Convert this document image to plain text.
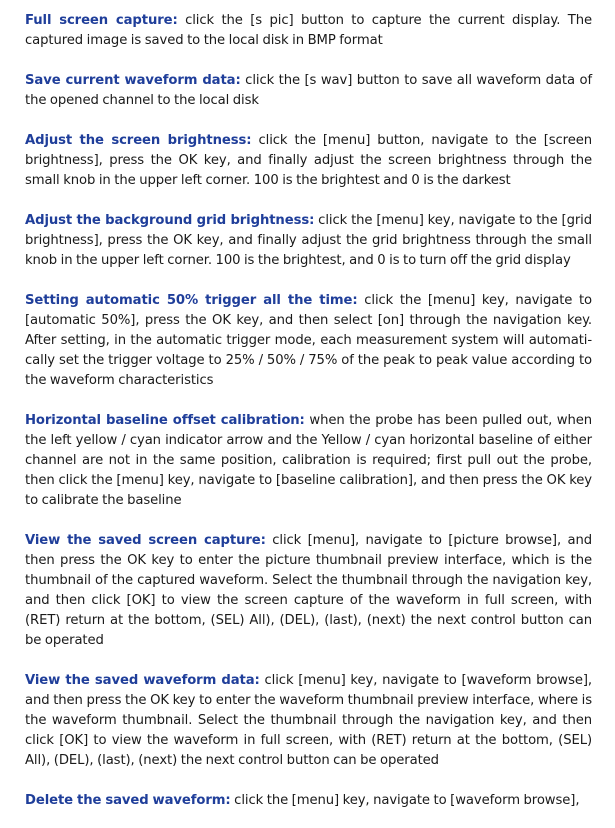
Full screen capture: click the [s pic] button to capture the current display. The captured image is saved to the local disk in BMP format

Save current waveform data: click the [s wav] button to save all waveform data of the opened channel to the local disk

Adjust the screen brightness: click the [menu] button, navigate to the [screen brightness], press the OK key, and finally adjust the screen brightness through the small knob in the upper left corner. 100 is the brightest and 0 is the darkest

Adjust the background grid brightness: click the [menu] key, navigate to the [grid brightness], press the OK key, and finally adjust the grid brightness through the small knob in the upper left corner. 100 is the brightest, and 0 is to turn off the grid display

Setting automatic 50% trigger all the time: click the [menu] key, navigate to [automatic 50%], press the OK key, and then select [on] through the navigation key. After setting, in the automatic trigger mode, each measurement system will automati-cally set the trigger voltage to 25% / 50% / 75% of the peak to peak value according to the waveform characteristics

Horizontal baseline offset calibration: when the probe has been pulled out, when the left yellow / cyan indicator arrow and the Yellow / cyan horizontal baseline of either channel are not in the same position, calibration is required; first pull out the probe, then click the [menu] key, navigate to [baseline calibration], and then press the OK key to calibrate the baseline

View the saved screen capture: click [menu], navigate to [picture browse], and then press the OK key to enter the picture thumbnail preview interface, which is the thumbnail of the captured waveform. Select the thumbnail through the navigation key, and then click [OK] to view the screen capture of the waveform in full screen, with (RET) return at the bottom, (SEL) All), (DEL), (last), (next) the next control button can be operated

View the saved waveform data: click [menu] key, navigate to [waveform browse], and then press the OK key to enter the waveform thumbnail preview interface, where is the waveform thumbnail. Select the thumbnail through the navigation key, and then click [OK] to view the waveform in full screen, with (RET) return at the bottom, (SEL) All), (DEL), (last), (next) the next control button can be operated

Delete the saved waveform: click the [menu] key, navigate to [waveform browse],
